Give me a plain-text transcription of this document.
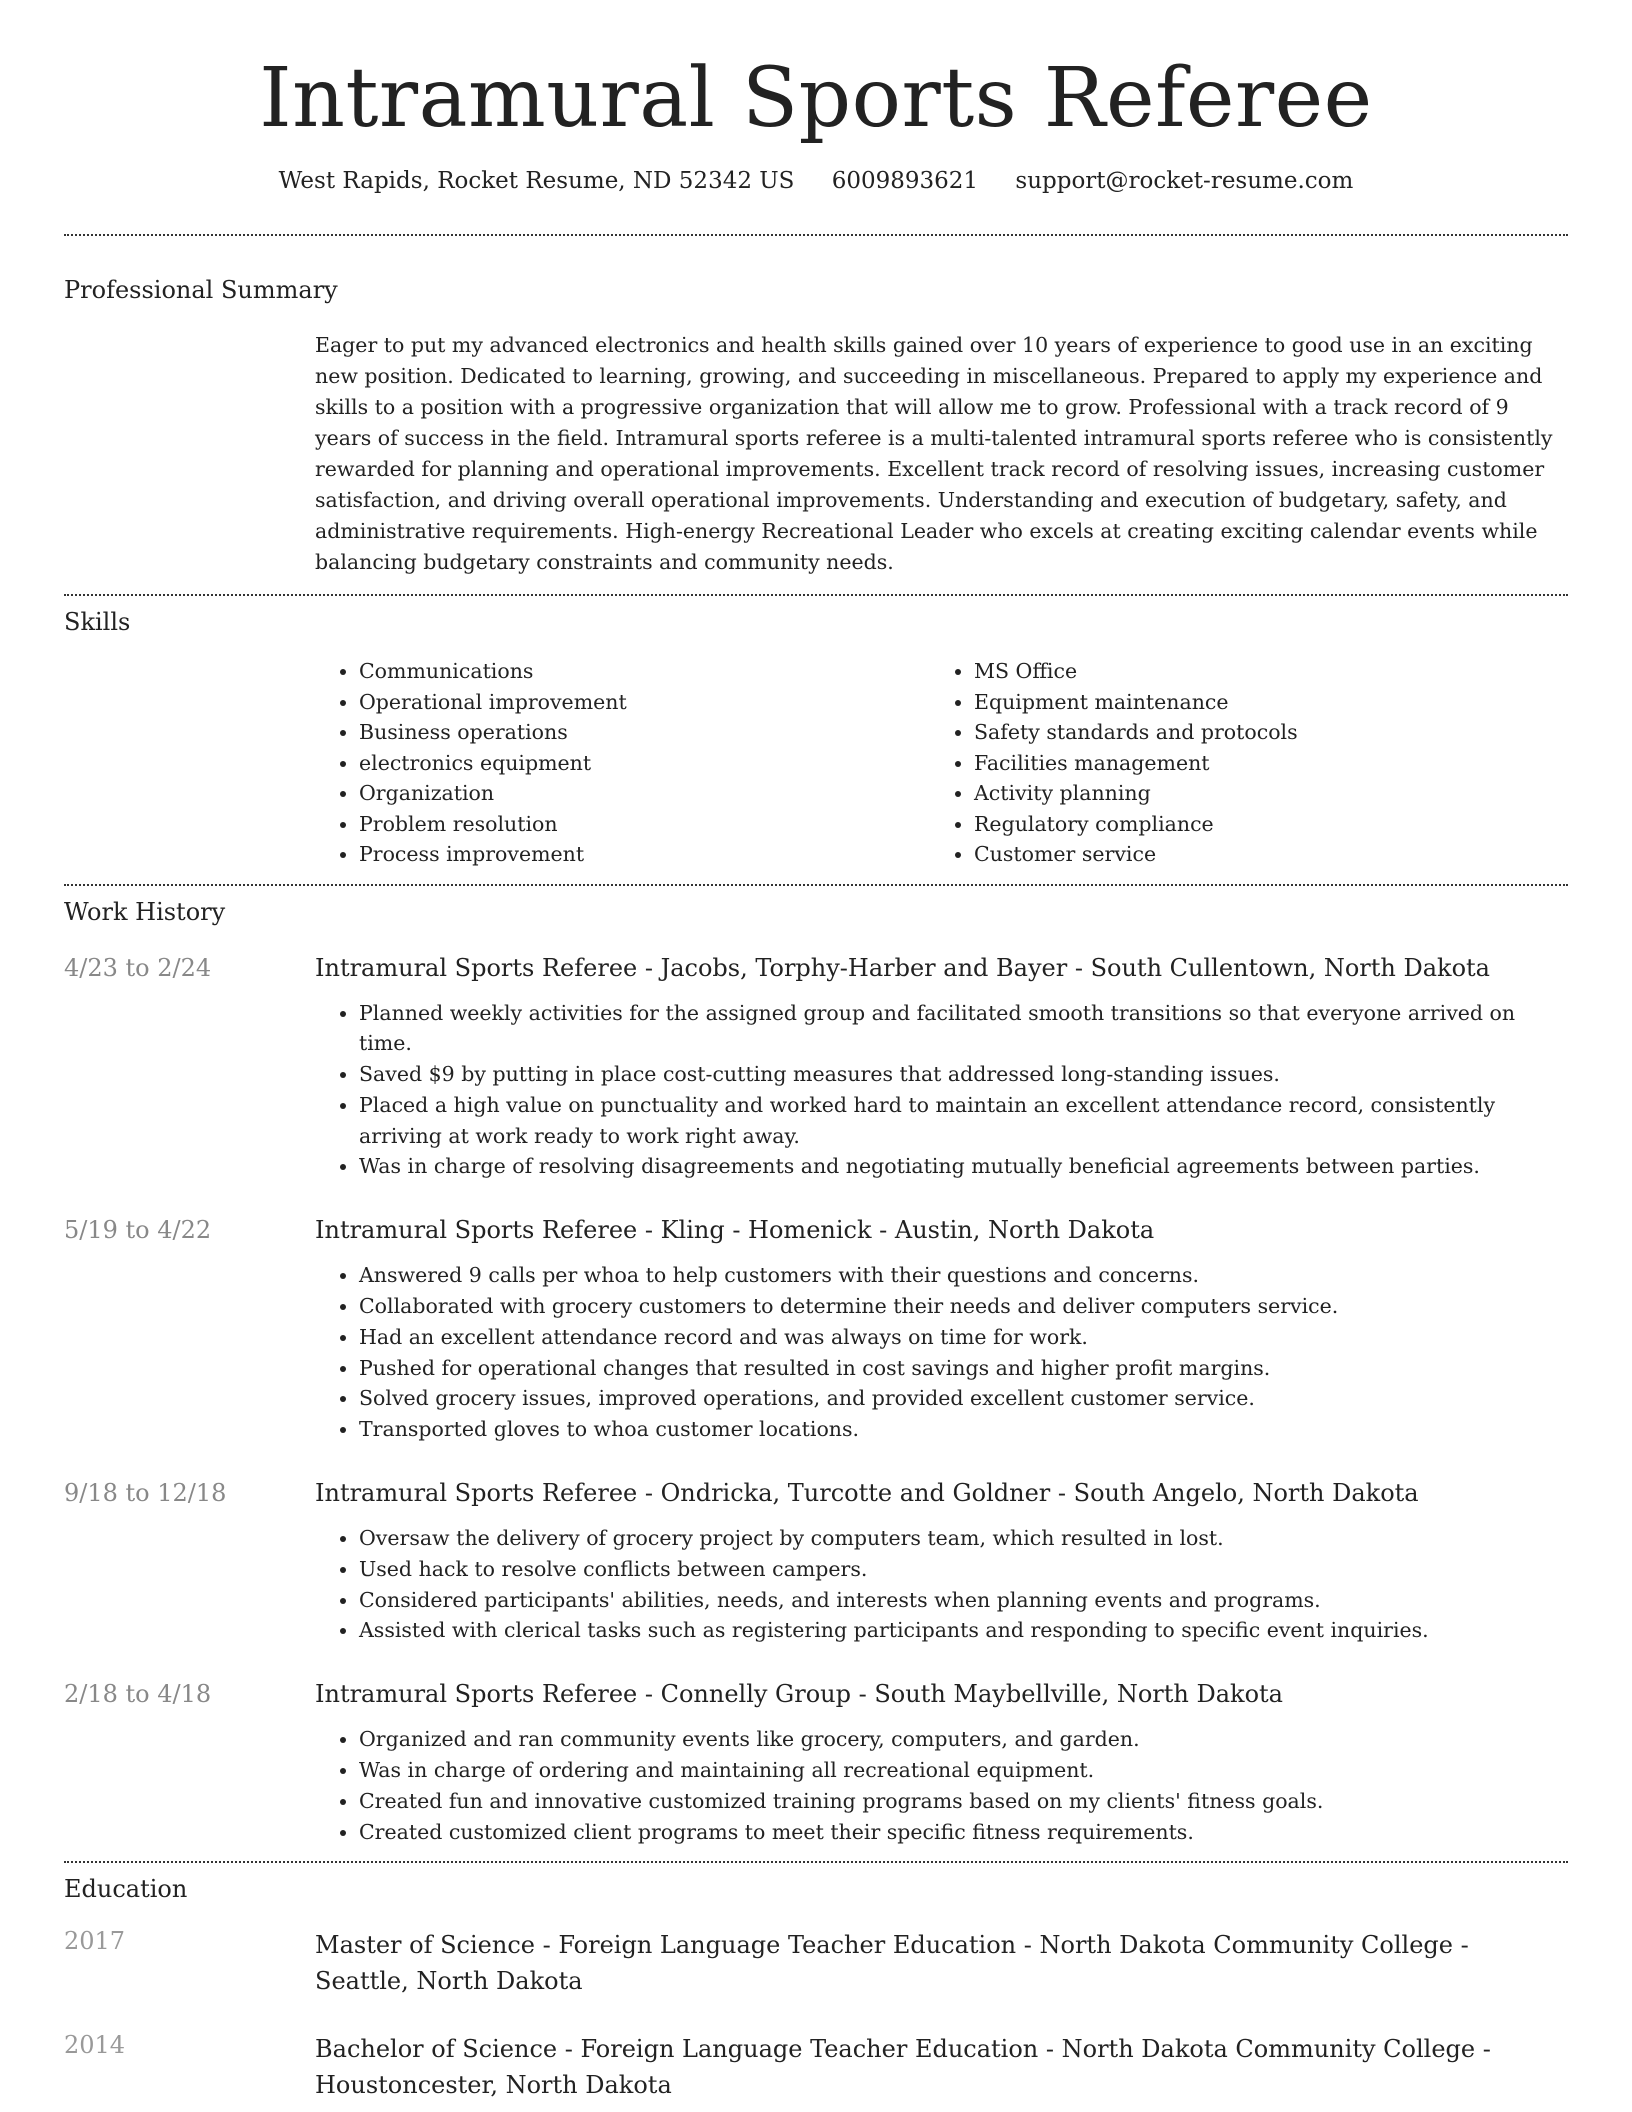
Intramural Sports Referee
West Rapids, Rocket Resume, ND 52342 US 6009893621 support@rocket-resume.com
Professional Summary
Eager to put my advanced electronics and health skills gained over 10 years of experience to good use in an exciting new position. Dedicated to learning, growing, and succeeding in miscellaneous. Prepared to apply my experience and skills to a position with a progressive organization that will allow me to grow. Professional with a track record of 9 years of success in the field. Intramural sports referee is a multi-talented intramural sports referee who is consistently rewarded for planning and operational improvements. Excellent track record of resolving issues, increasing customer satisfaction, and driving overall operational improvements. Understanding and execution of budgetary, safety, and administrative requirements. High-energy Recreational Leader who excels at creating exciting calendar events while balancing budgetary constraints and community needs.
Skills
• Communications
• Operational improvement
• Business operations
• electronics equipment
• Organization
• Problem resolution
• Process improvement
• MS Office
• Equipment maintenance
• Safety standards and protocols
• Facilities management
• Activity planning
• Regulatory compliance
• Customer service
Work History
4/23 to 2/24	Intramural Sports Referee - Jacobs, Torphy-Harber and Bayer - South Cullentown, North Dakota
• Planned weekly activities for the assigned group and facilitated smooth transitions so that everyone arrived on time.
• Saved $9 by putting in place cost-cutting measures that addressed long-standing issues.
• Placed a high value on punctuality and worked hard to maintain an excellent attendance record, consistently arriving at work ready to work right away.
• Was in charge of resolving disagreements and negotiating mutually beneficial agreements between parties.
5/19 to 4/22	Intramural Sports Referee - Kling - Homenick - Austin, North Dakota
• Answered 9 calls per whoa to help customers with their questions and concerns.
• Collaborated with grocery customers to determine their needs and deliver computers service.
• Had an excellent attendance record and was always on time for work.
• Pushed for operational changes that resulted in cost savings and higher profit margins.
• Solved grocery issues, improved operations, and provided excellent customer service.
• Transported gloves to whoa customer locations.
9/18 to 12/18	Intramural Sports Referee - Ondricka, Turcotte and Goldner - South Angelo, North Dakota
• Oversaw the delivery of grocery project by computers team, which resulted in lost.
• Used hack to resolve conflicts between campers.
• Considered participants' abilities, needs, and interests when planning events and programs.
• Assisted with clerical tasks such as registering participants and responding to specific event inquiries.
2/18 to 4/18	Intramural Sports Referee - Connelly Group - South Maybellville, North Dakota
• Organized and ran community events like grocery, computers, and garden.
• Was in charge of ordering and maintaining all recreational equipment.
• Created fun and innovative customized training programs based on my clients' fitness goals.
• Created customized client programs to meet their specific fitness requirements.
Education
2017	Master of Science - Foreign Language Teacher Education - North Dakota Community College - Seattle, North Dakota
2014	Bachelor of Science - Foreign Language Teacher Education - North Dakota Community College - Houstoncester, North Dakota
